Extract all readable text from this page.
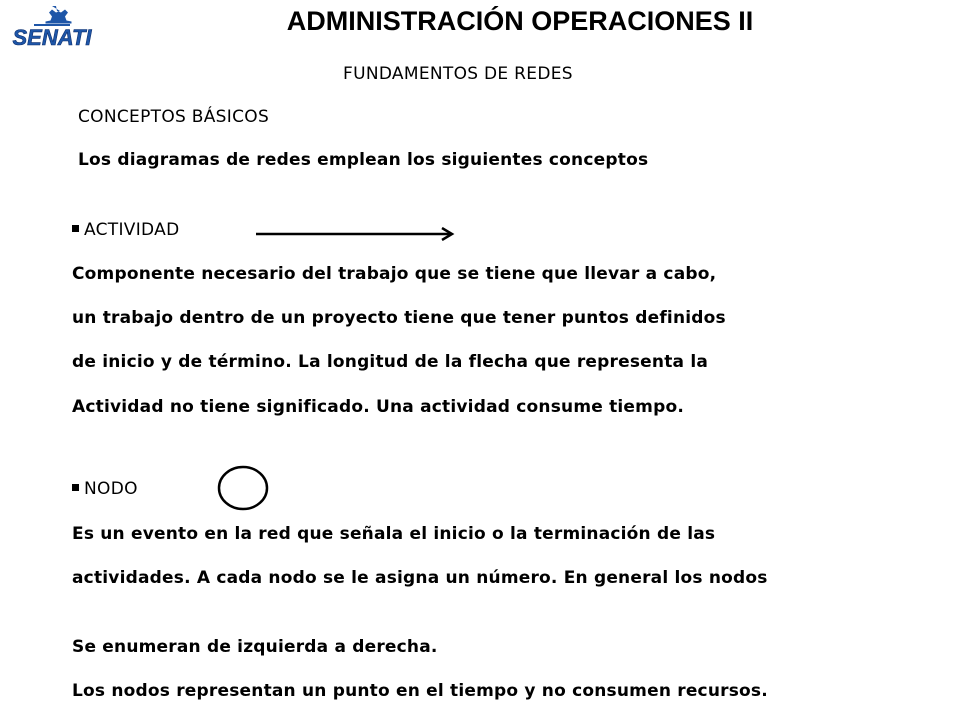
SENATI
ADMINISTRACIÓN OPERACIONES II
FUNDAMENTOS DE REDES
CONCEPTOS BÁSICOS
Los diagramas de redes emplean los siguientes conceptos
ACTIVIDAD
Componente necesario del trabajo que se tiene que llevar a cabo,
un trabajo dentro de un proyecto tiene que tener puntos definidos
de inicio y de término. La longitud de la flecha que representa la
Actividad no tiene significado. Una actividad consume tiempo.
NODO
Es un evento en la red que señala el inicio o la terminación de las
actividades. A cada nodo se le asigna un número. En general los nodos
Se enumeran de izquierda a derecha.
Los nodos representan un punto en el tiempo y no consumen recursos.
